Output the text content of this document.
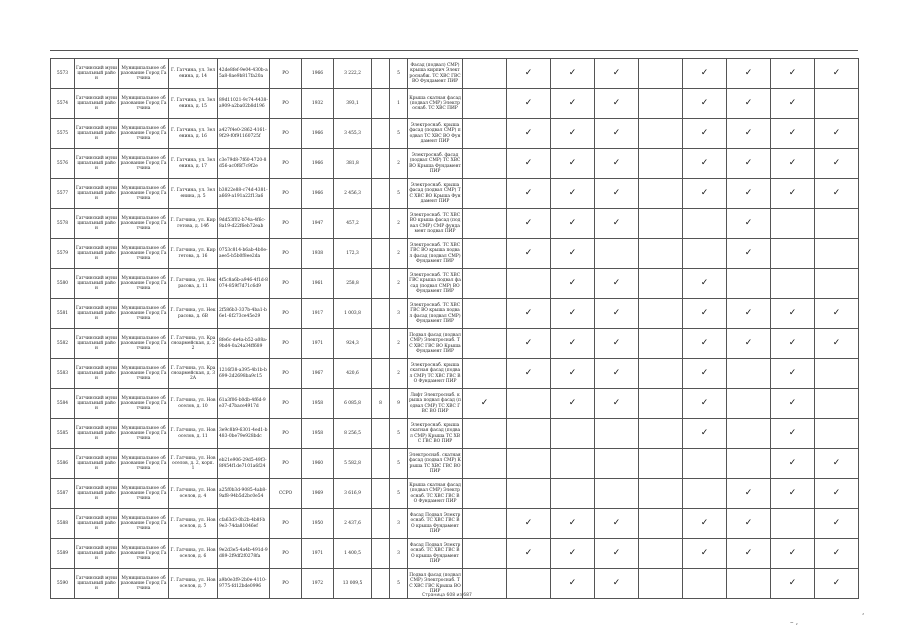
5573	Гатчинский муниципальный район	Муниципальное образование Город Гатчина	Г. Гатчина, ул. Зеленина, д. 14	42de8fef-9e04-430b-a5a8-8ae9b817fa20a	РО	1966	3 222,2		5	Фасад (подвал) СМР) крыша кирпич Электроснабж. ТС ХВС ГВС ВО Фундамент ПИР		✓	✓	✓		✓	✓	✓	✓
5574	Гатчинский муниципальный район	Муниципальное образование Город Гатчина	Г. Гатчина, ул. Зеленина, д. 15	89d11021-9c74-4438-a909-a2ba02b8d196	РО	1932	393,1		1	Крыша скатная фасад (подвал СМР) Электроснаб. ТС ХВС ПИР		✓	✓	✓		✓	✓	✓	
5575	Гатчинский муниципальный район	Муниципальное образование Город Гатчина	Г. Гатчина, ул. Зеленина, д. 16	a427f4e0-2862-4161-9f29-f0f91160725f	РО	1966	3 455,3		5	Электроснаб. крыша фасад (подвал СМР) подвал ТС ХВС ВО Фундамент ПИР		✓	✓	✓		✓	✓	✓	✓
5576	Гатчинский муниципальный район	Муниципальное образование Город Гатчина	Г. Гатчина, ул. Зеленина, д. 17	c3e79d8-7f60-4720-8d56-ac0f6f7c9f2e	РО	1966	381,8		2	Электроснаб. фасад (подвал СМР) ТС ХВС ВО Крыша Фундамент ПИР		✓	✓	✓		✓	✓	✓	✓
5577	Гатчинский муниципальный район	Муниципальное образование Город Гатчина	Г. Гатчина, ул. Зеленина, д. 5	b3822e88-c74d-4381-a669-a191a22f13a6	РО	1966	2 456,3		5	Электроснаб. крыша фасад (подвал СМР) ТС ХВС ВО Крыша Фундамент ПИР		✓	✓	✓		✓	✓	✓	✓
5578	Гатчинский муниципальный район	Муниципальное образование Город Гатчина	Г. Гатчина, ул. Киргетова, д. 14б	9dd53f02-b74a-4f6c-8a19-d22f6eb72eab	РО	1947	457,2		2	Электроснаб. ТС ХВС ВО крыша фасад (подвал СМР) СМР фундамент подвал ПИР		✓	✓	✓			✓		
5579	Гатчинский муниципальный район	Муниципальное образование Город Гатчина	Г. Гатчина, ул. Киргетова, д. 16	0753c814-b6ab-4b0e-aee5-b5b0f8ee2da	РО	1938	172,3		2	Электроснаб. ТС ХВС ГВС ВО крыша подвал фасад (подвал СМР) Фундамент ПИР		✓	✓				✓		
5580	Гатчинский муниципальный район	Муниципальное образование Город Гатчина	Г. Гатчина, ул. Некрасова, д. 11	4f5c8a6b-a946-4f1d-8074-859f7d71c6d9	РО	1961	258,8		2	Электроснаб. ТС ХВС ГВС крыша подвал фасад (подвал СМР) ВО Фундамент ПИР			✓	✓		✓			
5581	Гатчинский муниципальный район	Муниципальное образование Город Гатчина	Г. Гатчина, ул. Некрасова, д. 6В	2f586b3-337b-4ba1-b6e1-6f273ce45e29	РО	1917	1 003,8		3	Электроснаб. ТС ХВС ГВС ВО крыша подвал фасад (подвал СМР) Фундамент ПИР		✓	✓	✓		✓	✓	✓	✓
5582	Гатчинский муниципальный район	Муниципальное образование Город Гатчина	Г. Гатчина, ул. Красноармейская, д. 22	8fe6c-de4a-b52-a08a-9bd4-0a24a34ff689	РО	1971	924,3		2	Подвал фасад (подвал СМР) Электроснаб. ТС ХВС ГВС ВО Крыша Фундамент ПИР		✓	✓	✓		✓	✓	✓	✓
5583	Гатчинский муниципальный район	Муниципальное образование Город Гатчина	Г. Гатчина, ул. Красноармейская, д. 32А	1216f38-a395-4b1b-b699-2d2698ba9c15	РО	1967	420,6		2	Электроснаб. крыша скатная фасад (подвал СМР) ТС ХВС ГВС ВО Фундамент ПИР		✓	✓	✓		✓		✓	
5584	Гатчинский муниципальный район	Муниципальное образование Город Гатчина	Г. Гатчина, ул. Новоселов, д. 10	61a3f06-b0db-4f6d-9e37-d7bace4917d	РО	1958	6 085,8	8	9	Лифт Электроснаб. крыша подвал фасад (подвал СМР) ТС ХВС ГВС ВО ПИР	✓		✓	✓		✓		✓	
5585	Гатчинский муниципальный район	Муниципальное образование Город Гатчина	Г. Гатчина, ул. Новоселов, д. 11	3e9c8b9-6301-4ed1-b483-0be79e928bdc	РО	1958	8 256,5		5	Электроснаб. крыша скатная фасад (подвал СМР) Крыша ТС ХВС ГВС ВО ПИР						✓		✓	
5586	Гатчинский муниципальный район	Муниципальное образование Город Гатчина	Г. Гатчина, ул. Новоселов, д. 2, корп. 1	eb21e906-29d5-49f3-8f454f1de7101a6f24	РО	1960	5 582,8		5	Электроснаб. скатная фасад (подвал СМР) Крыша ТС ХВС ГВС ВО ПИР								✓	✓
5587	Гатчинский муниципальный район	Муниципальное образование Город Гатчина	Г. Гатчина, ул. Новоселов, д. 4	a25f0b3d-9085-4ab8-9af8-94b5d2bc0e54	ССРО	1969	3 616,9		5	Крыша скатная фасад (подвал СМР) Электроснаб. ТС ХВС ГВС ВО Фундамент ПИР							✓	✓	✓
5588	Гатчинский муниципальный район	Муниципальное образование Город Гатчина	Г. Гатчина, ул. Новоселов, д. 5	cfa63d3-0b2b-4b8f-b9e3-74da81046ef	РО	1950	2 437,6		3	Фасад Подвал Электроснаб. ТС ХВС ГВС ВО крыша Фундамент ПИР		✓	✓	✓		✓	✓		✓
5589	Гатчинский муниципальный район	Муниципальное образование Город Гатчина	Г. Гатчина, ул. Новоселов, д. 6	9e2d3e5-4a4b-491d-9d89-2f9df2f0278fa	РО	1971	1 400,5		3	Фасад Подвал Электроснаб. ТС ХВС ГВС ВО крыша Фундамент ПИР		✓	✓	✓		✓	✓	✓	✓
5590	Гатчинский муниципальный район	Муниципальное образование Город Гатчина	Г. Гатчина, ул. Новоселов, д. 7	a9b0e3f9-2b0e-4110-9775-fd12bde0996	РО	1972	13 009,5		5	Подвал фасад (подвал СМР) Электроснаб. ТС ХВС ГВС Крыша ВО ПИР			✓	✓				✓	✓
Страница 608 из 687
– ‚
‚
